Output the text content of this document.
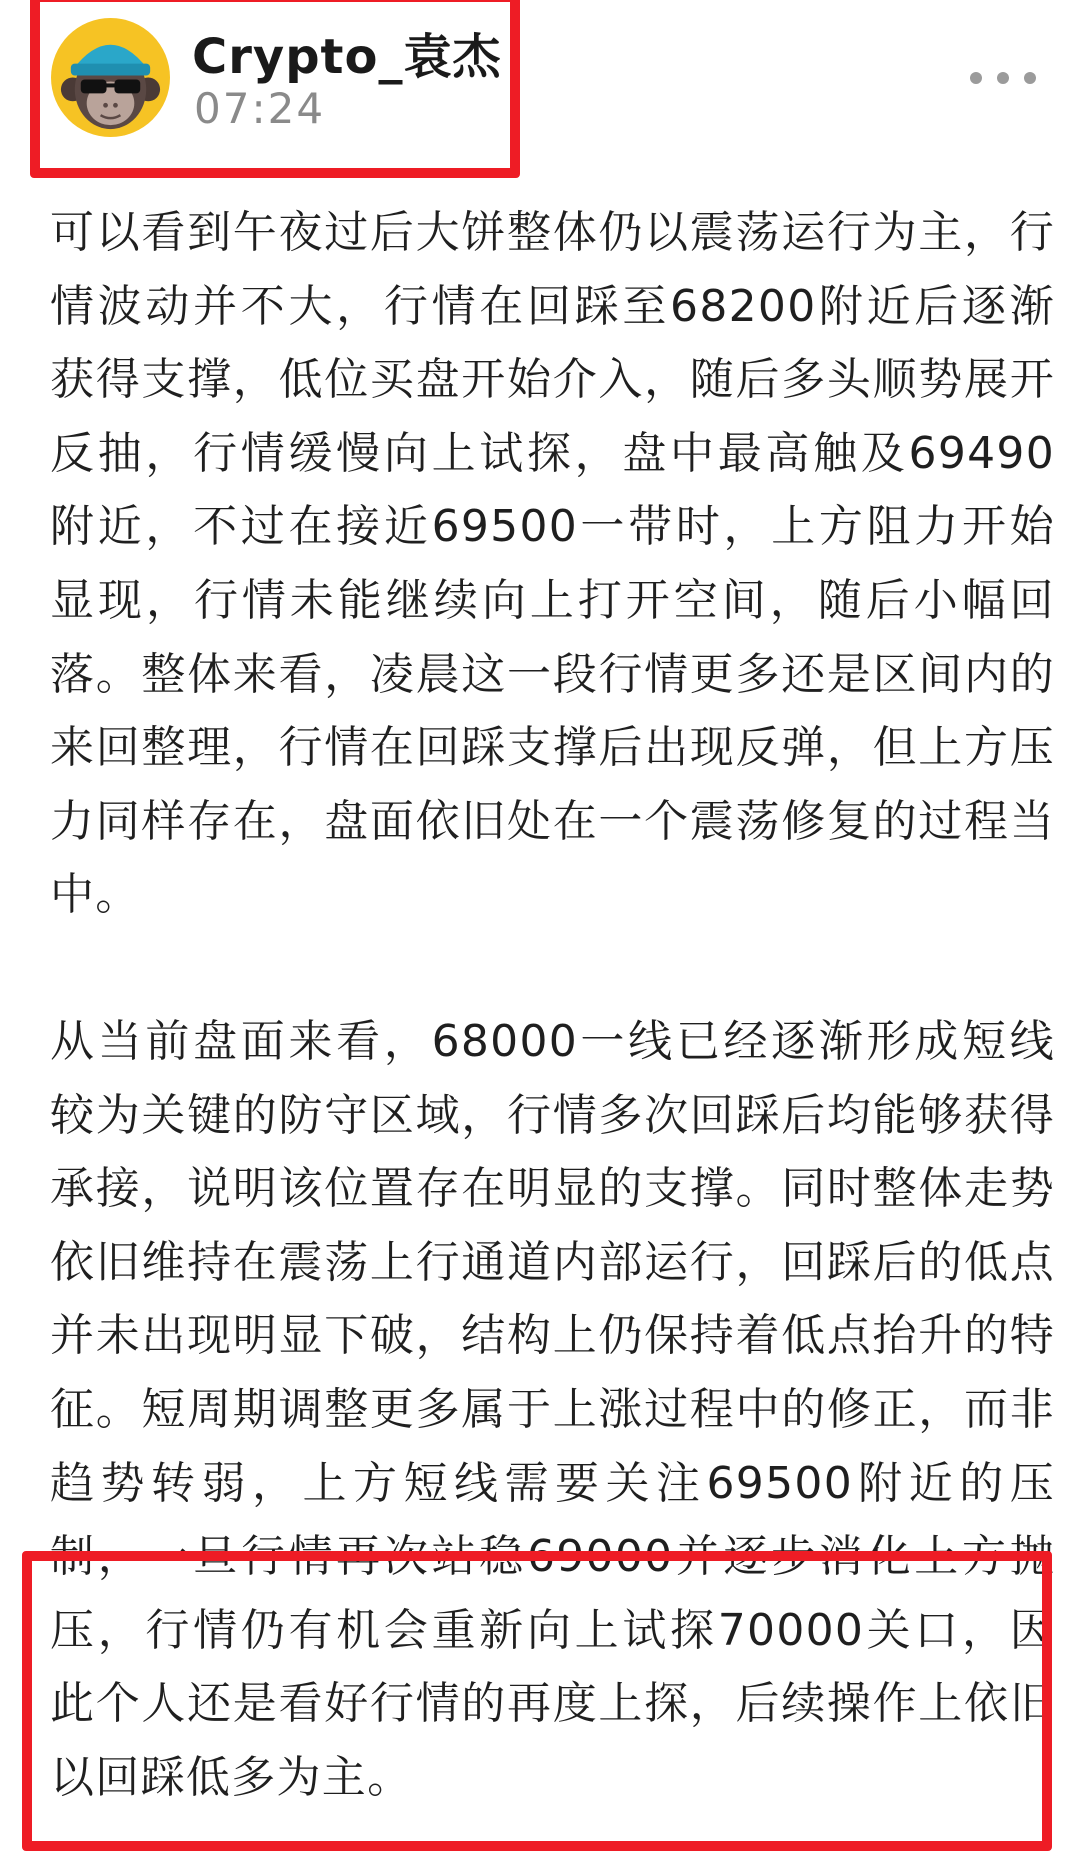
Crypto_袁杰
07:24

可以看到午夜过后大饼整体仍以震荡运行为主，行情波动并不大，行情在回踩至68200附近后逐渐获得支撑，低位买盘开始介入，随后多头顺势展开反抽，行情缓慢向上试探，盘中最高触及69490附近，不过在接近69500一带时，上方阻力开始显现，行情未能继续向上打开空间，随后小幅回落。整体来看，凌晨这一段行情更多还是区间内的来回整理，行情在回踩支撑后出现反弹，但上方压力同样存在，盘面依旧处在一个震荡修复的过程当中。

从当前盘面来看，68000一线已经逐渐形成短线较为关键的防守区域，行情多次回踩后均能够获得承接，说明该位置存在明显的支撑。同时整体走势依旧维持在震荡上行通道内部运行，回踩后的低点并未出现明显下破，结构上仍保持着低点抬升的特征。短周期调整更多属于上涨过程中的修正，而非趋势转弱，上方短线需要关注69500附近的压制，一旦行情再次站稳69000并逐步消化上方抛压，行情仍有机会重新向上试探70000关口，因此个人还是看好行情的再度上探，后续操作上依旧以回踩低多为主。
